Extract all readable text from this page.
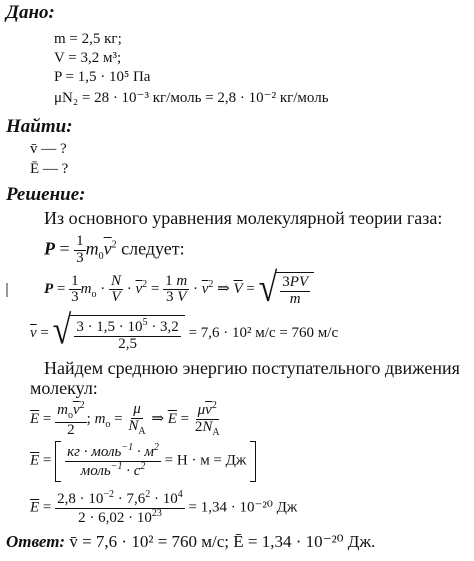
Дано:
m = 2,5 кг;
V = 3,2 м³;
P = 1,5 · 10⁵ Па
μN₂ = 28 · 10⁻³ кг/моль = 2,8 · 10⁻² кг/моль
Найти:
v̄ — ?
Ē — ?
Решение:
Из основного уравнения молекулярной теории газа:
$P = \frac{1}{3} m_0\overline{v}^2$ следует:
$P = \frac{1}{3} m_o \cdot \frac{N}{V} \cdot \overline{v}^2 = \frac{1 m}{3 V} \cdot \overline{v}^2$ ⇒ $\overline{V}$ = √ $\frac{3PV}{m}$
$\overline{v}$ = √ $\frac{3 \cdot 1,5 \cdot 10^5 \cdot 3,2}{2,5} = 7,6 \cdot 10^2$ м/с = 760 м/с
Найдем среднюю энергию поступательного движения
молекул:
$\overline{E} = \frac{m_o\overline{v}^2}{2}$ ; $m_o = \frac{\mu}{N_A}$ ⇒ $\overline{E} = \frac{\mu\overline{v}^2}{2N_A}$
$\overline{E} = \frac{кг \cdot моль^{-1} \cdot м^2}{моль^{-1} \cdot с^2} = Н \cdot м$ = Дж
$\overline{E} = \frac{2,8 \cdot 10^{-2} \cdot 7,6^2 \cdot 10^4}{2 \cdot 6,02 \cdot 10^{23}} = 1,34 \cdot 10^{-20}$ Дж
Ответ: v̄ = 7,6 · 10² = 760 м/с; Ē = 1,34 · 10⁻²⁰ Дж.
